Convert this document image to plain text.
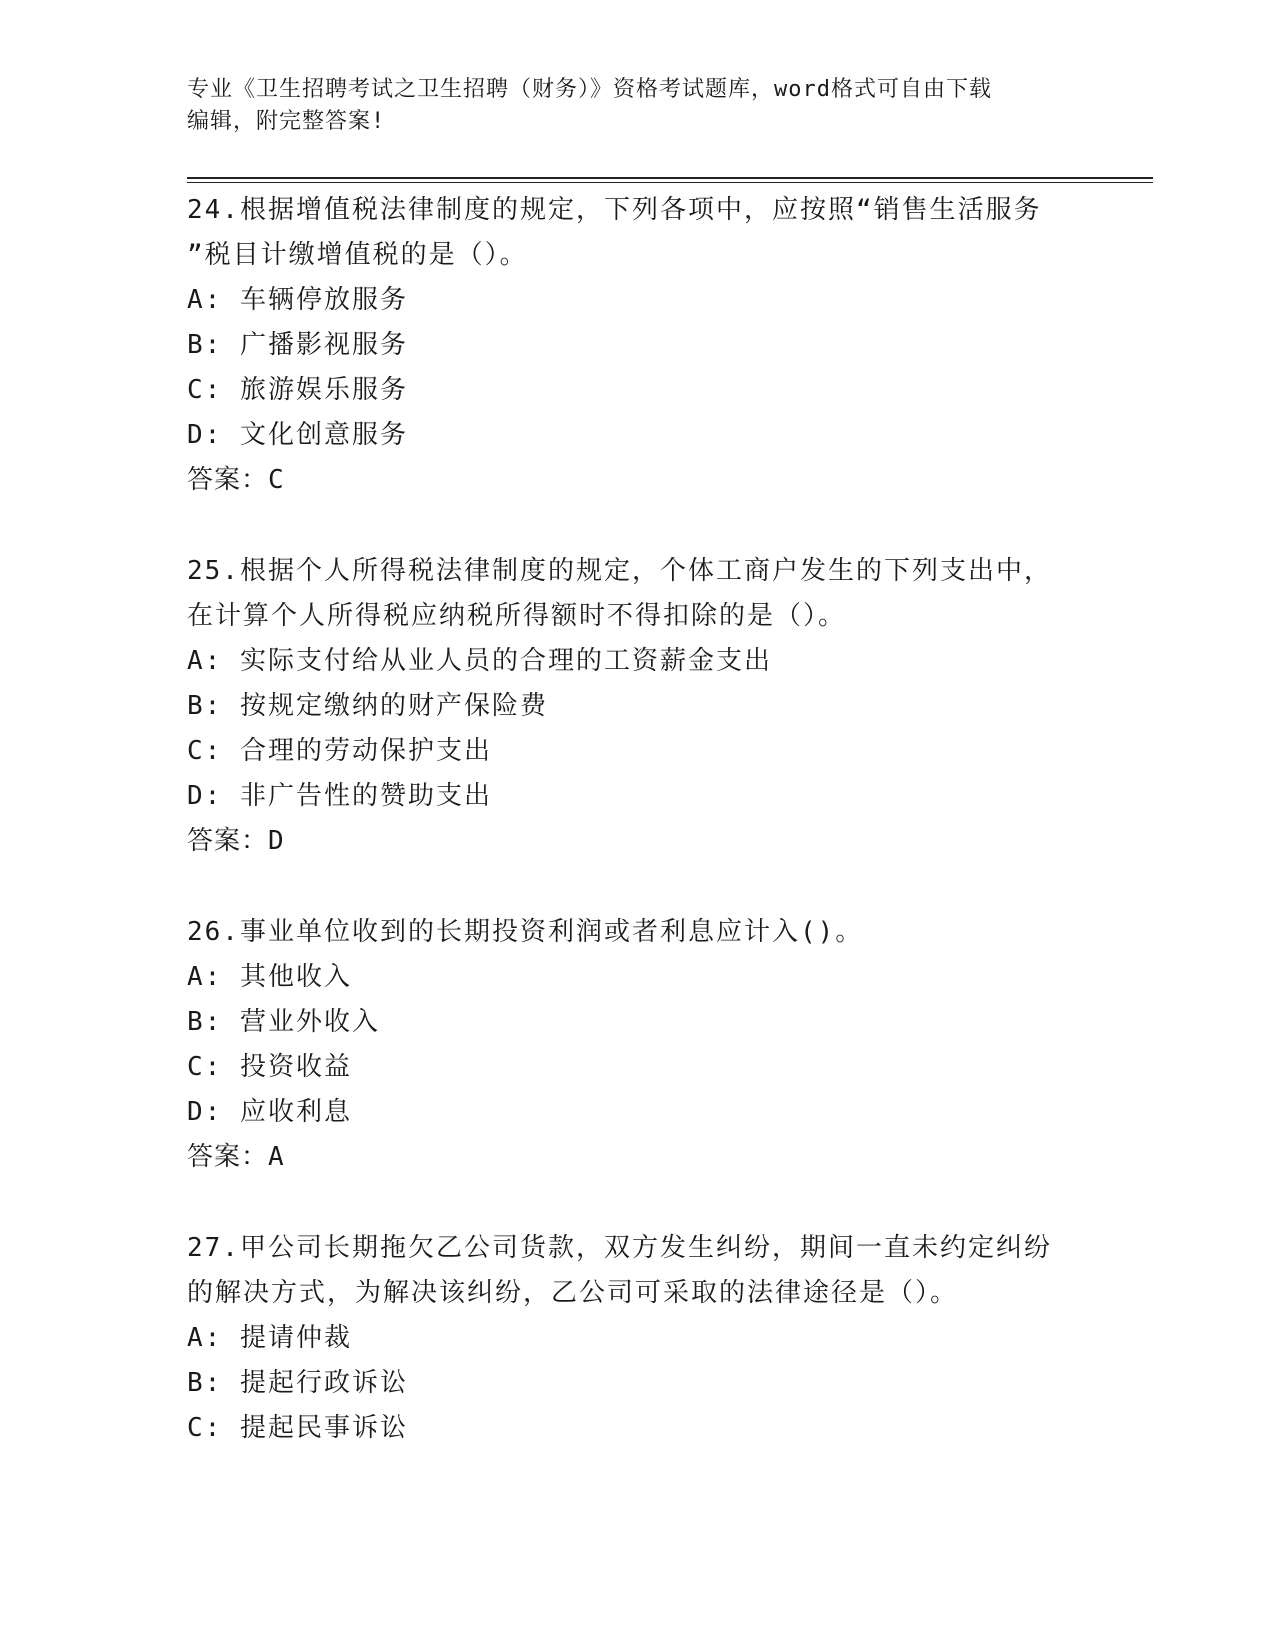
专业《卫生招聘考试之卫生招聘（财务）》资格考试题库，word格式可自由下载
编辑，附完整答案!
24.根据增值税法律制度的规定，下列各项中，应按照“销售生活服务
”税目计缴增值税的是（）。
A: 车辆停放服务
B: 广播影视服务
C: 旅游娱乐服务
D: 文化创意服务
答案：C
25.根据个人所得税法律制度的规定，个体工商户发生的下列支出中，
在计算个人所得税应纳税所得额时不得扣除的是（）。
A: 实际支付给从业人员的合理的工资薪金支出
B: 按规定缴纳的财产保险费
C: 合理的劳动保护支出
D: 非广告性的赞助支出
答案：D
26.事业单位收到的长期投资利润或者利息应计入()。
A: 其他收入
B: 营业外收入
C: 投资收益
D: 应收利息
答案：A
27.甲公司长期拖欠乙公司货款，双方发生纠纷，期间一直未约定纠纷
的解决方式，为解决该纠纷，乙公司可采取的法律途径是（）。
A: 提请仲裁
B: 提起行政诉讼
C: 提起民事诉讼
